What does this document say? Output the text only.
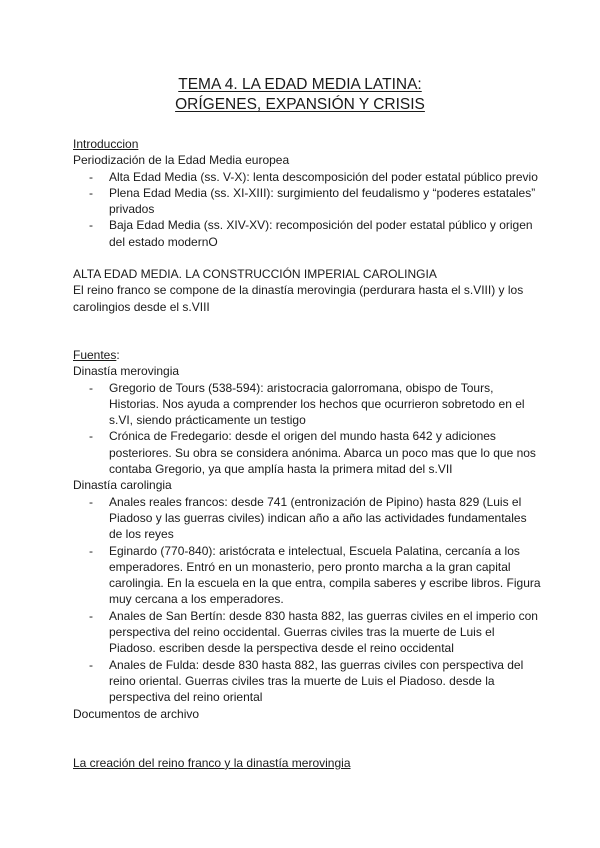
TEMA 4. LA EDAD MEDIA LATINA:
ORÍGENES, EXPANSIÓN Y CRISIS

Introduccion

Periodización de la Edad Media europea

- Alta Edad Media (ss. V-X): lenta descomposición del poder estatal público previo
- Plena Edad Media (ss. XI-XIII): surgimiento del feudalismo y “poderes estatales” privados
- Baja Edad Media (ss. XIV-XV): recomposición del poder estatal público y origen del estado modernO

ALTA EDAD MEDIA. LA CONSTRUCCIÓN IMPERIAL CAROLINGIA

El reino franco se compone de la dinastía merovingia (perdurara hasta el s.VIII) y los carolingios desde el s.VIII

Fuentes:

Dinastía merovingia

- Gregorio de Tours (538-594): aristocracia galorromana, obispo de Tours, Historias. Nos ayuda a comprender los hechos que ocurrieron sobretodo en el s.VI, siendo prácticamente un testigo
- Crónica de Fredegario: desde el origen del mundo hasta 642 y adiciones posteriores. Su obra se considera anónima. Abarca un poco mas que lo que nos contaba Gregorio, ya que amplía hasta la primera mitad del s.VII

Dinastía carolingia

- Anales reales francos: desde 741 (entronización de Pipino) hasta 829 (Luis el Piadoso y las guerras civiles) indican año a año las actividades fundamentales de los reyes
- Eginardo (770-840): aristócrata e intelectual, Escuela Palatina, cercanía a los emperadores. Entró en un monasterio, pero pronto marcha a la gran capital carolingia. En la escuela en la que entra, compila saberes y escribe libros. Figura muy cercana a los emperadores.
- Anales de San Bertín: desde 830 hasta 882, las guerras civiles en el imperio con perspectiva del reino occidental. Guerras civiles tras la muerte de Luis el Piadoso. escriben desde la perspectiva desde el reino occidental
- Anales de Fulda: desde 830 hasta 882, las guerras civiles con perspectiva del reino oriental. Guerras civiles tras la muerte de Luis el Piadoso. desde la perspectiva del reino oriental

Documentos de archivo

La creación del reino franco y la dinastía merovingia
